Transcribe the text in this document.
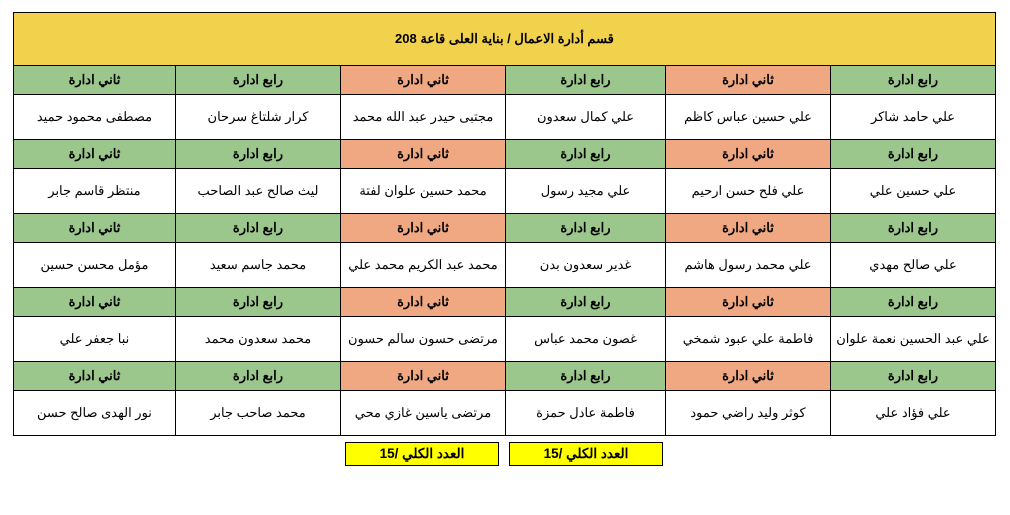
قسم أدارة الاعمال / بناية العلى قاعة 208					
رابع ادارة	ثاني ادارة	رابع ادارة	ثاني ادارة	رابع ادارة	ثاني ادارة
علي حامد شاكر	علي حسين عباس كاظم	علي كمال سعدون	مجتبى حيدر عبد الله محمد	كرار شلتاغ سرحان	مصطفى محمود حميد
رابع ادارة	ثاني ادارة	رابع ادارة	ثاني ادارة	رابع ادارة	ثاني ادارة
علي حسين علي	علي فلح حسن ارحيم	علي مجيد رسول	محمد حسين علوان لفتة	ليث صالح عبد الصاحب	منتظر قاسم جابر
رابع ادارة	ثاني ادارة	رابع ادارة	ثاني ادارة	رابع ادارة	ثاني ادارة
علي صالح مهدي	علي محمد رسول هاشم	غدير سعدون بدن	محمد عبد الكريم محمد علي	محمد جاسم سعيد	مؤمل محسن حسين
رابع ادارة	ثاني ادارة	رابع ادارة	ثاني ادارة	رابع ادارة	ثاني ادارة
علي عبد الحسين نعمة علوان	فاطمة علي عبود شمخي	غصون محمد عباس	مرتضى حسون سالم حسون	محمد سعدون محمد	نبا جعفر علي
رابع ادارة	ثاني ادارة	رابع ادارة	ثاني ادارة	رابع ادارة	ثاني ادارة
علي فؤاد علي	كوثر وليد راضي حمود	فاطمة عادل حمزة	مرتضى ياسين غازي محي	محمد صاحب جابر	نور الهدى صالح حسن
العدد الكلي /15	العدد الكلي /15
